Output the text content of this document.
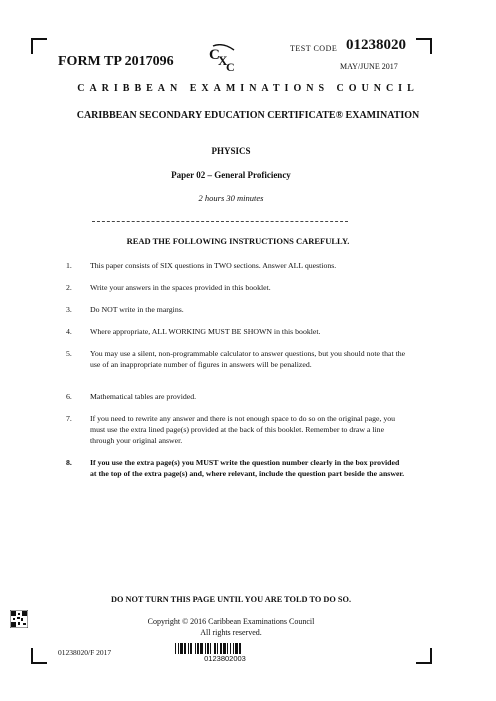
FORM TP 2017096 C
X
C
TEST CODE 01238020
MAY/JUNE 2017
CARIBBEAN EXAMINATIONS COUNCIL
CARIBBEAN SECONDARY EDUCATION CERTIFICATE® EXAMINATION
PHYSICS
Paper 02 – General Proficiency
2 hours 30 minutes
READ THE FOLLOWING INSTRUCTIONS CAREFULLY.
1. This paper consists of SIX questions in TWO sections. Answer ALL questions.
2. Write your answers in the spaces provided in this booklet.
3. Do NOT write in the margins.
4. Where appropriate, ALL WORKING MUST BE SHOWN in this booklet.
5. You may use a silent, non-programmable calculator to answer questions, but you should note that the use of an inappropriate number of figures in answers will be penalized.
6. Mathematical tables are provided.
7. If you need to rewrite any answer and there is not enough space to do so on the original page, you must use the extra lined page(s) provided at the back of this booklet. Remember to draw a line through your original answer.
8. If you use the extra page(s) you MUST write the question number clearly in the box provided at the top of the extra page(s) and, where relevant, include the question part beside the answer.
DO NOT TURN THIS PAGE UNTIL YOU ARE TOLD TO DO SO.
Copyright © 2016 Caribbean Examinations Council
All rights reserved.
01238020/F 2017
0123802003
